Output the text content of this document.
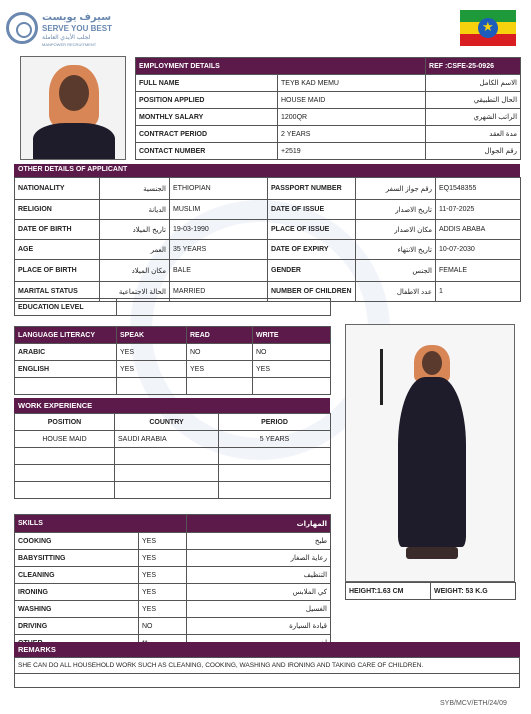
سيرف يوبست
SERVE YOU BEST
لجلب الأيدي العاملة
MANPOWER RECRUITMENT
★
EMPLOYMENT DETAILS		REF :CSFE-25-0926
FULL NAME	TEYB KAD MEMU	الاسم الكامل
POSITION APPLIED	HOUSE MAID	الحال التطبيقي
MONTHLY SALARY	1200QR	الراتب الشهري
CONTRACT PERIOD	2 YEARS	مدة العقد
CONTACT NUMBER	+2519	رقم الجوال
OTHER DETAILS OF APPLICANT
NATIONALITY	الجنسية	ETHIOPIAN	PASSPORT NUMBER	رقم جواز السفر	EQ1548355
RELIGION	الديانة	MUSLIM	DATE OF ISSUE	تاريخ الاصدار	11-07-2025
DATE OF BIRTH	تاريخ الميلاد	19-03-1990	PLACE OF ISSUE	مكان الاصدار	ADDIS ABABA
AGE	العمر	35 YEARS	DATE OF EXPIRY	تاريخ الانتهاء	10-07-2030
PLACE OF BIRTH	مكان الميلاد	BALE	GENDER	الجنس	FEMALE
MARITAL STATUS	الحالة الاجتماعية	MARRIED	NUMBER OF CHILDREN	عدد الاطفال	1
EDUCATION LEVEL	
LANGUAGE LITERACY	SPEAK	READ	WRITE
ARABIC	YES	NO	NO
ENGLISH	YES	YES	YES

WORK EXPERIENCE
POSITION	COUNTRY	PERIOD
HOUSE MAID	SAUDI ARABIA	5 YEARS

HEIGHT:1.63 CM	WEIGHT: 53 K.G
SKILLS		المهارات
COOKING	YES	طبخ
BABYSITTING	YES	رعاية الصغار
CLEANING	YES	التنظيف
IRONING	YES	كي الملابس
WASHING	YES	الغسيل
DRIVING	NO	قيادة السيارة

REMARKS
SHE CAN DO ALL HOUSEHOLD WORK SUCH AS CLEANING, COOKING, WASHING AND IRONING AND TAKING CARE OF CHILDREN.

SYB/MCV/ETH/24/09
